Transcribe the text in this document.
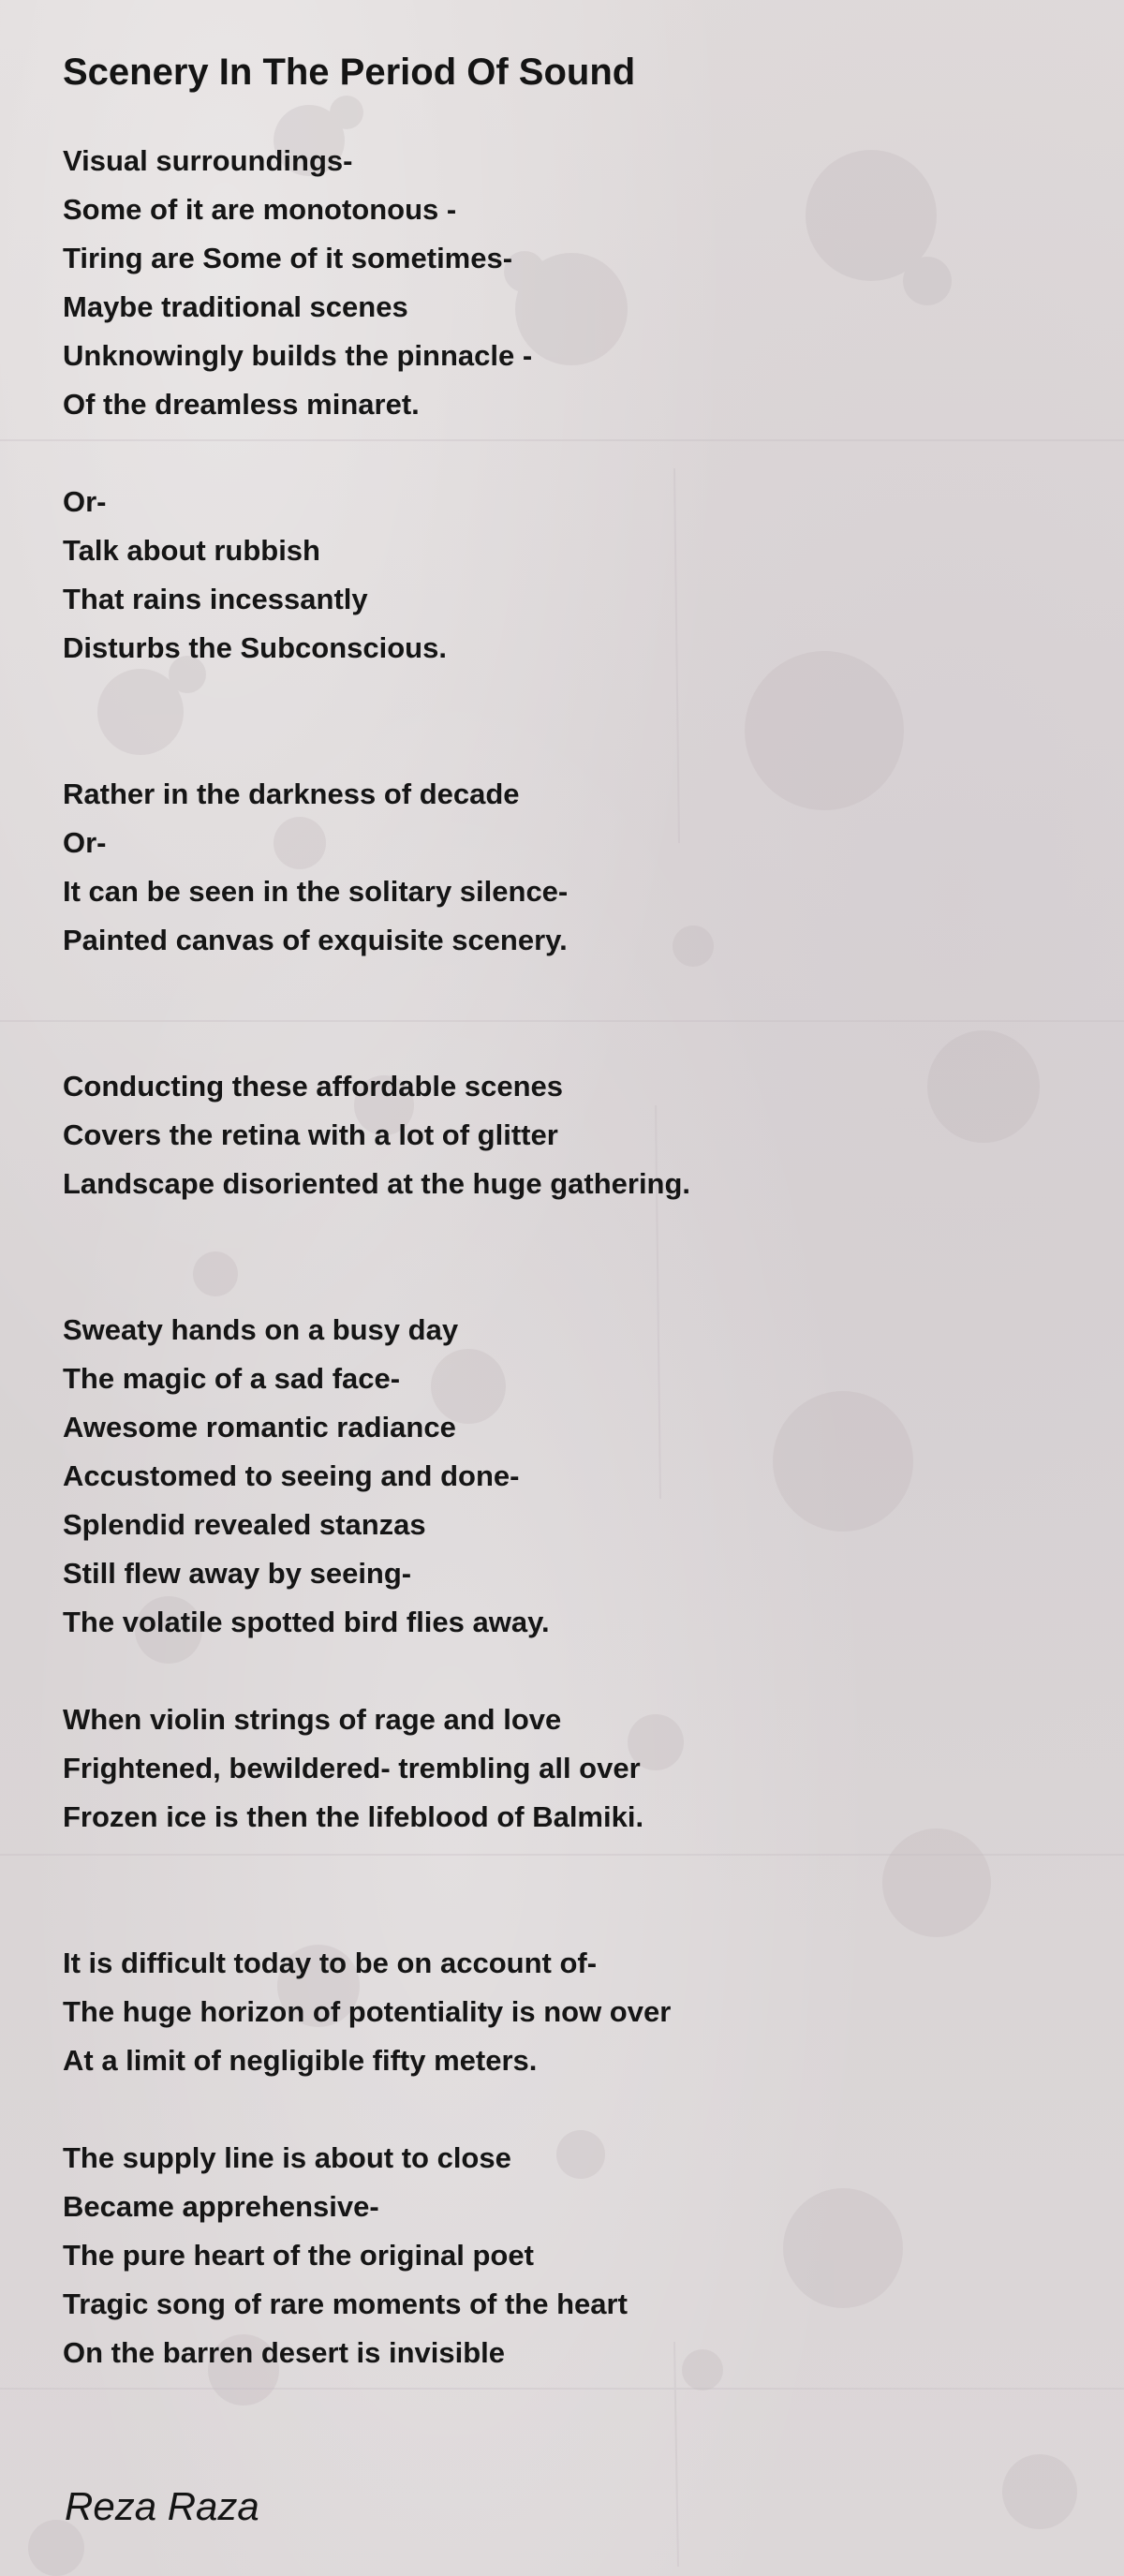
Scenery In The Period Of Sound
Visual surroundings-
Some of it are monotonous -
Tiring are Some of it sometimes-
Maybe traditional scenes
Unknowingly builds the pinnacle -
Of the dreamless minaret.
Or-
Talk about rubbish
That rains incessantly
Disturbs the Subconscious.
Rather in the darkness of decade
Or-
It can be seen in the solitary silence-
Painted canvas of exquisite scenery.
Conducting these affordable scenes
Covers the retina with a lot of glitter
Landscape disoriented at the huge gathering.
Sweaty hands on a busy day
The magic of a sad face-
Awesome romantic radiance
Accustomed to seeing and done-
Splendid revealed stanzas
Still flew away by seeing-
The volatile spotted bird flies away.
When violin strings of rage and love
Frightened, bewildered- trembling all over
Frozen ice is then the lifeblood of Balmiki.
It is difficult today to be on account of-
The huge horizon of potentiality is now over
At a limit of negligible fifty meters.
The supply line is about to close
Became apprehensive-
The pure heart of the original poet
Tragic song of rare moments of the heart
On the barren desert is invisible
Reza Raza
